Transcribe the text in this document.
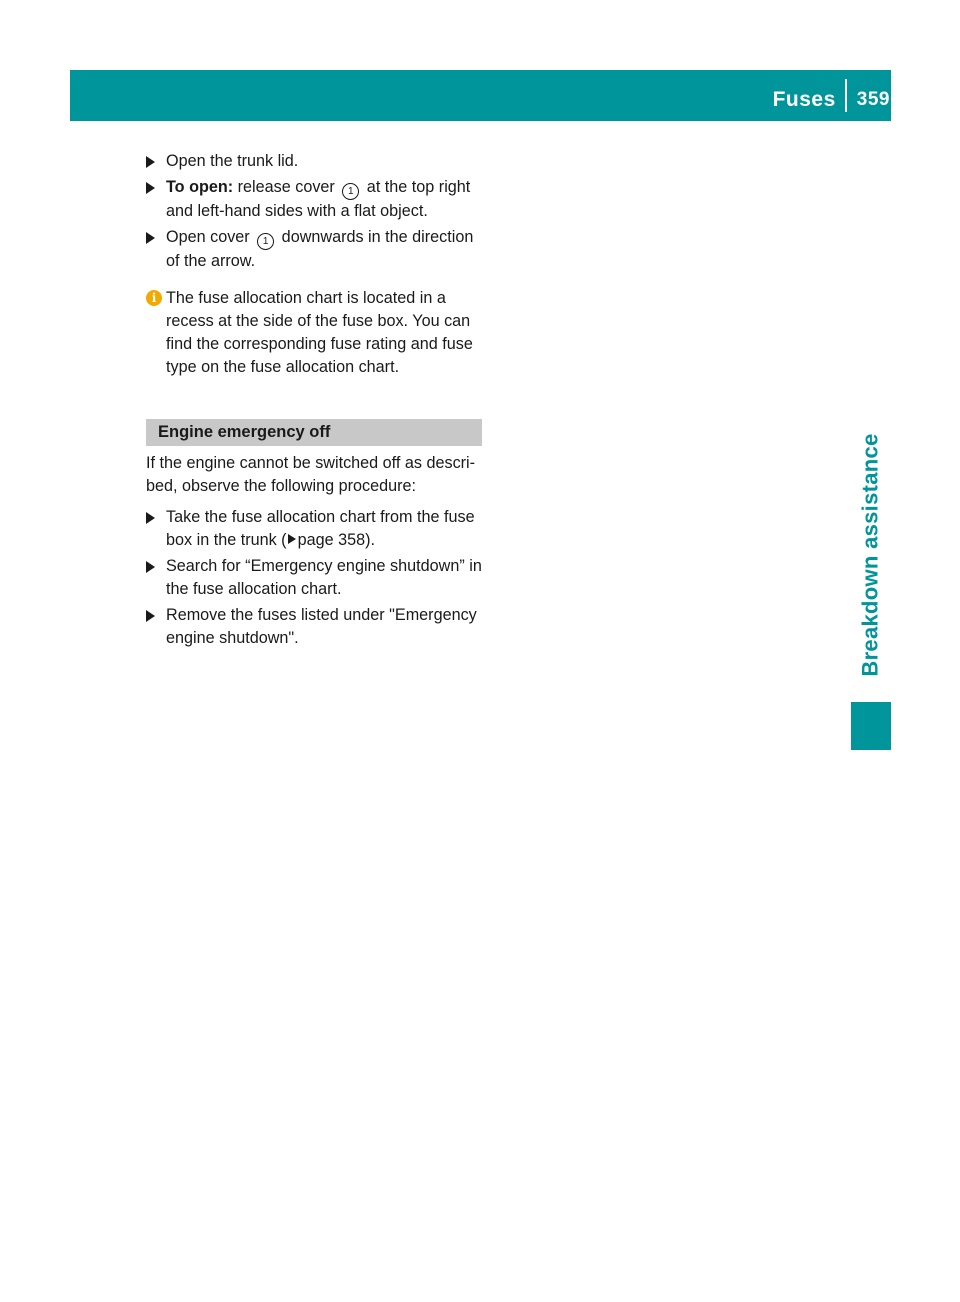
Fuses	359
Breakdown assistance
Open the trunk lid.
To open: release cover 1 at the top right and left-hand sides with a flat object.
Open cover 1 downwards in the direction of the arrow.
i The fuse allocation chart is located in a recess at the side of the fuse box. You can find the corresponding fuse rating and fuse type on the fuse allocation chart.
Engine emergency off
If the engine cannot be switched off as descri-bed, observe the following procedure:
Take the fuse allocation chart from the fuse box in the trunk ( page 358).
Search for “Emergency engine shutdown” in the fuse allocation chart.
Remove the fuses listed under "Emergency engine shutdown".
